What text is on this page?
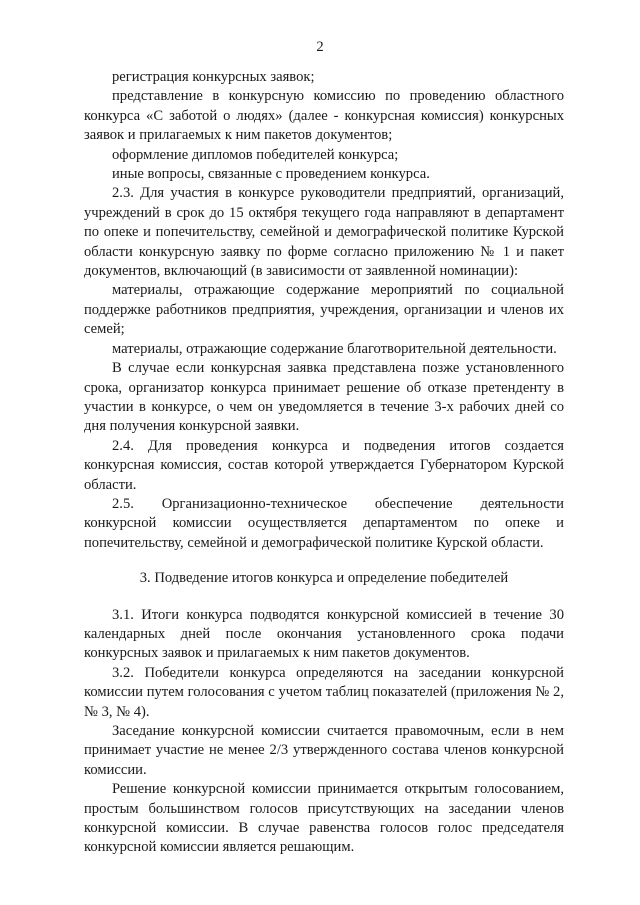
2

регистрация конкурсных заявок;

представление в конкурсную комиссию по проведению областного конкурса «С заботой о людях» (далее - конкурсная комиссия) конкурсных заявок и прилагаемых к ним пакетов документов;

оформление дипломов победителей конкурса;

иные вопросы, связанные с проведением конкурса.

2.3. Для участия в конкурсе руководители предприятий, организаций, учреждений в срок до 15 октября текущего года направляют в департамент по опеке и попечительству, семейной и демографической политике Курской области конкурсную заявку по форме согласно приложению № 1 и пакет документов, включающий (в зависимости от заявленной номинации):

материалы, отражающие содержание мероприятий по социальной поддержке работников предприятия, учреждения, организации и членов их семей;

материалы, отражающие содержание благотворительной деятельности.

В случае если конкурсная заявка представлена позже установленного срока, организатор конкурса принимает решение об отказе претенденту в участии в конкурсе, о чем он уведомляется в течение 3-х рабочих дней со дня получения конкурсной заявки.

2.4. Для проведения конкурса и подведения итогов создается конкурсная комиссия, состав которой утверждается Губернатором Курской области.

2.5. Организационно-техническое обеспечение деятельности конкурсной комиссии осуществляется департаментом по опеке и попечительству, семейной и демографической политике Курской области.

3. Подведение итогов конкурса и определение победителей

3.1. Итоги конкурса подводятся конкурсной комиссией в течение 30 календарных дней после окончания установленного срока подачи конкурсных заявок и прилагаемых к ним пакетов документов.

3.2. Победители конкурса определяются на заседании конкурсной комиссии путем голосования с учетом таблиц показателей (приложения № 2, № 3, № 4).

Заседание конкурсной комиссии считается правомочным, если в нем принимает участие не менее 2/3 утвержденного состава членов конкурсной комиссии.

Решение конкурсной комиссии принимается открытым голосованием, простым большинством голосов присутствующих на заседании членов конкурсной комиссии. В случае равенства голосов голос председателя конкурсной комиссии является решающим.
